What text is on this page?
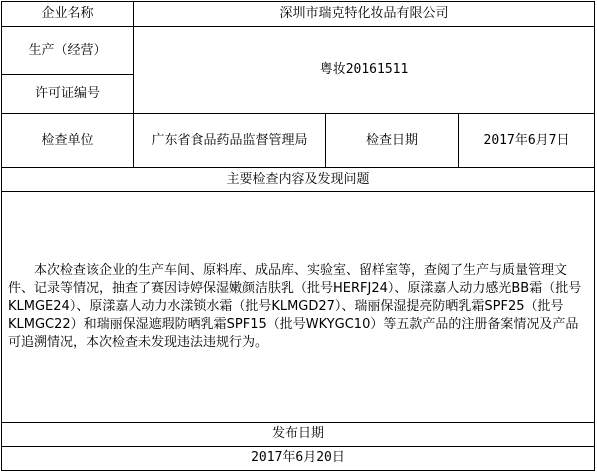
企业名称	深圳市瑞克特化妆品有限公司		
生产（经营）	粤妆20161511		
许可证编号			
检查单位	广东省食品药品监督管理局	检查日期	2017年6月7日
主要检查内容及发现问题			
本次检查该企业的生产车间、原料库、成品库、实验室、留样室等，查阅了生产与质量管理文件、记录等情况，抽查了赛因诗婷保湿嫩颜洁肤乳（批号HERFJ24）、原漾嘉人动力感光BB霜（批号KLMGE24）、原漾嘉人动力水漾锁水霜（批号KLMGD27）、瑞丽保湿提亮防晒乳霜SPF25（批号KLMGC22）和瑞丽保湿遮瑕防晒乳霜SPF15（批号WKYGC10）等五款产品的注册备案情况及产品可追溯情况，本次检查未发现违法违规行为。			
发布日期			
2017年6月20日			
